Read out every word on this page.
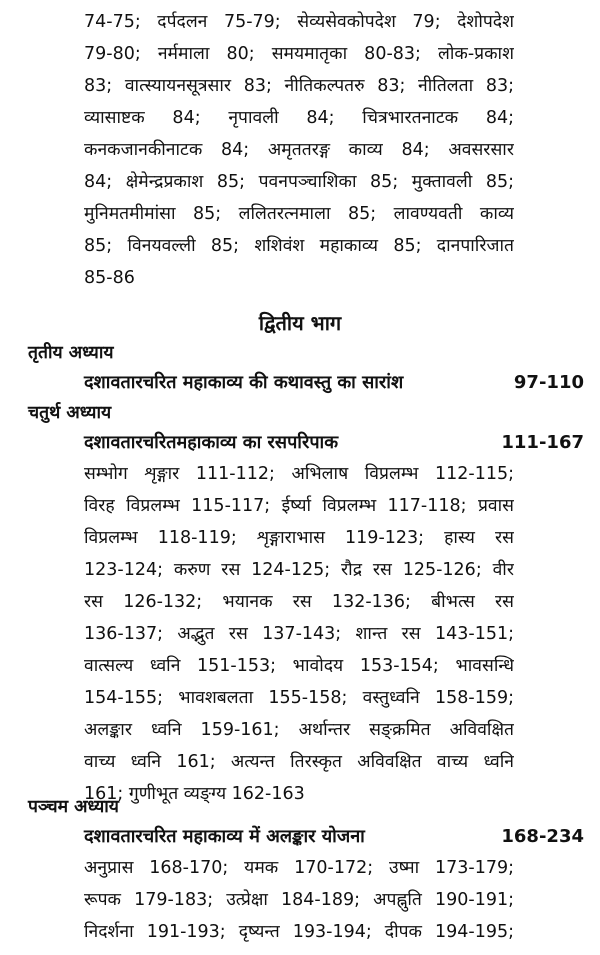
74-75; दर्पदलन 75-79; सेव्यसेवकोपदेश 79; देशोपदेश
79-80; नर्ममाला 80; समयमातृका 80-83; लोक-प्रकाश
83; वात्स्यायनसूत्रसार 83; नीतिकल्पतरु 83; नीतिलता 83;
व्यासाष्टक 84; नृपावली 84; चित्रभारतनाटक 84;
कनकजानकीनाटक 84; अमृततरङ्ग काव्य 84; अवसरसार
84; क्षेमेन्द्रप्रकाश 85; पवनपञ्चाशिका 85; मुक्तावली 85;
मुनिमतमीमांसा 85; ललितरत्नमाला 85; लावण्यवती काव्य
85; विनयवल्ली 85; शशिवंश महाकाव्य 85; दानपारिजात
85-86
द्वितीय भाग
तृतीय अध्याय
दशावतारचरित महाकाव्य की कथावस्तु का सारांश	97-110
चतुर्थ अध्याय
दशावतारचरितमहाकाव्य का रसपरिपाक	111-167
सम्भोग शृङ्गार 111-112; अभिलाष विप्रलम्भ 112-115;
विरह विप्रलम्भ 115-117; ईर्ष्या विप्रलम्भ 117-118; प्रवास
विप्रलम्भ 118-119; शृङ्गाराभास 119-123; हास्य रस
123-124; करुण रस 124-125; रौद्र रस 125-126; वीर
रस 126-132; भयानक रस 132-136; बीभत्स रस
136-137; अद्भुत रस 137-143; शान्त रस 143-151;
वात्सल्य ध्वनि 151-153; भावोदय 153-154; भावसन्धि
154-155; भावशबलता 155-158; वस्तुध्वनि 158-159;
अलङ्कार ध्वनि 159-161; अर्थान्तर सङ्क्रमित अविवक्षित
वाच्य ध्वनि 161; अत्यन्त तिरस्कृत अविवक्षित वाच्य ध्वनि
161; गुणीभूत व्यङ्ग्य 162-163
पञ्चम अध्याय
दशावतारचरित महाकाव्य में अलङ्कार योजना	168-234
अनुप्रास 168-170; यमक 170-172; उष्मा 173-179;
रूपक 179-183; उत्प्रेक्षा 184-189; अपह्नुति 190-191;
निदर्शना 191-193; दृष्यन्त 193-194; दीपक 194-195;
